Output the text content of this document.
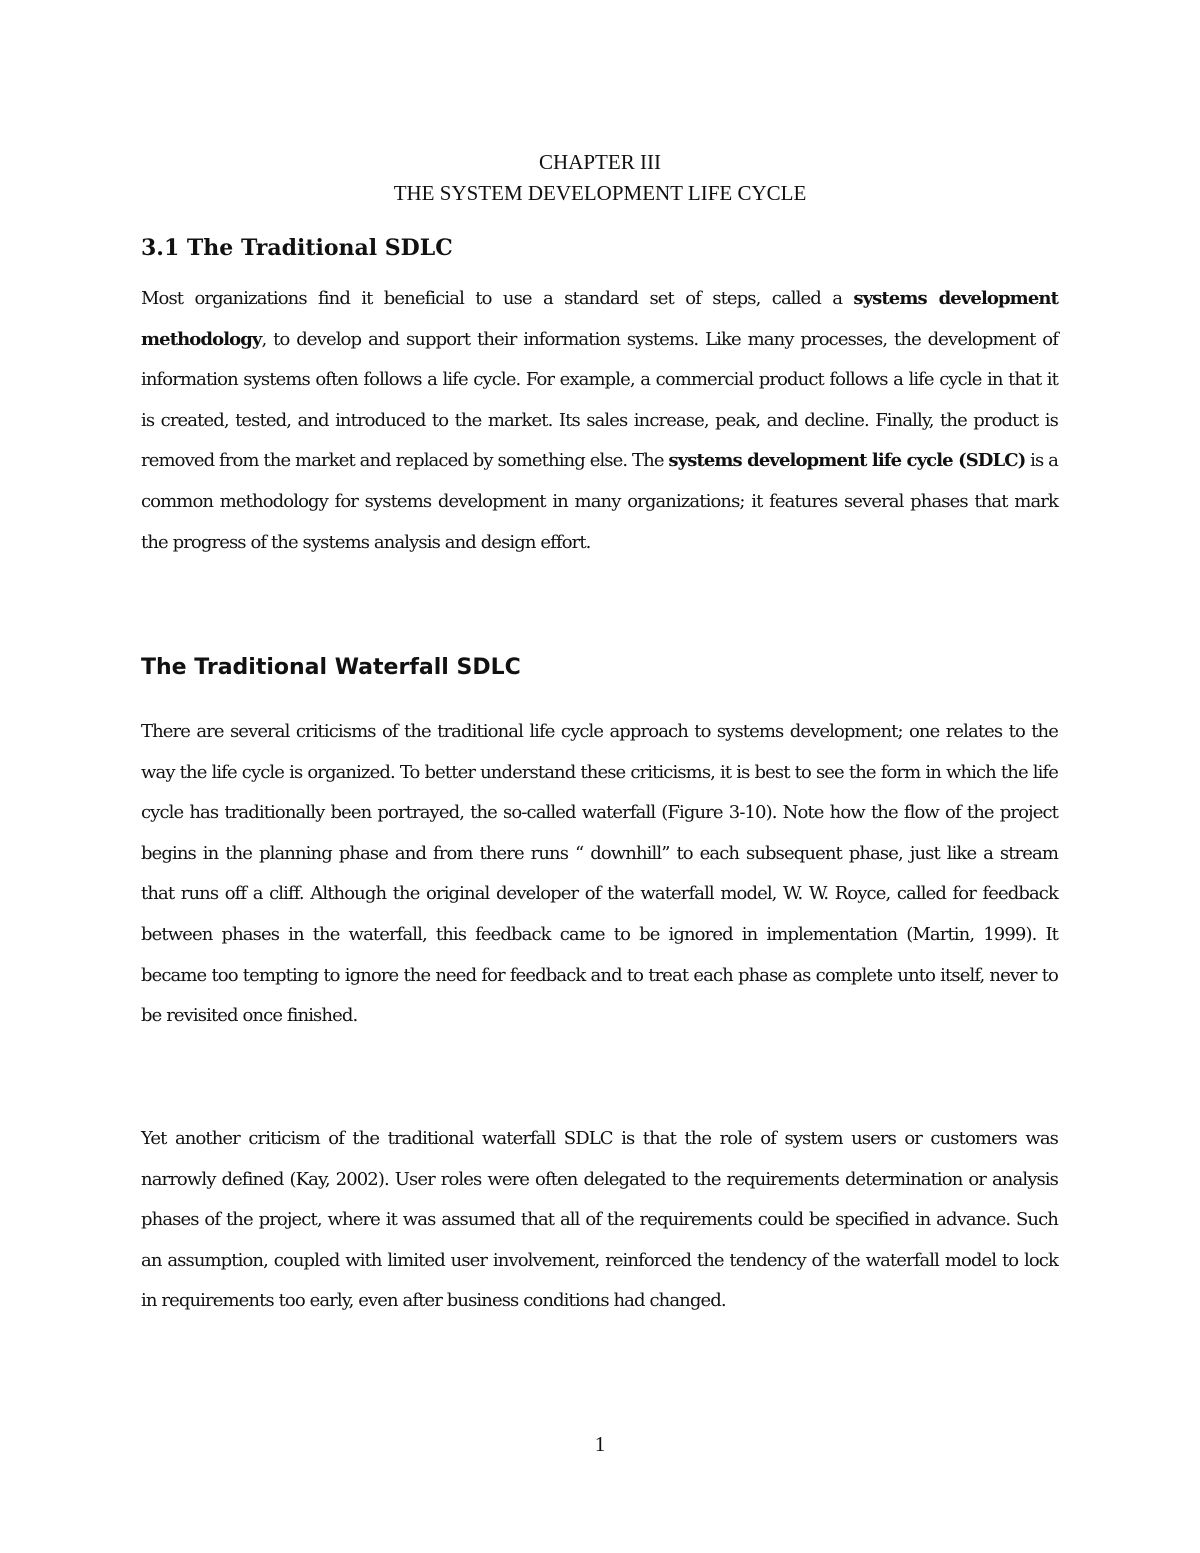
CHAPTER III
THE SYSTEM DEVELOPMENT LIFE CYCLE
3.1 The Traditional SDLC

Most organizations find it beneficial to use a standard set of steps, called a systems development methodology, to develop and support their information systems. Like many processes, the development of information systems often follows a life cycle. For example, a commercial product follows a life cycle in that it is created, tested, and introduced to the market. Its sales increase, peak, and decline. Finally, the product is removed from the market and replaced by something else. The systems development life cycle (SDLC) is a common methodology for systems development in many organizations; it features several phases that mark the progress of the systems analysis and design effort.

The Traditional Waterfall SDLC

There are several criticisms of the traditional life cycle approach to systems development; one relates to the way the life cycle is organized. To better understand these criticisms, it is best to see the form in which the life cycle has traditionally been portrayed, the so-called waterfall (Figure 3-10). Note how the flow of the project begins in the planning phase and from there runs “ downhill” to each subsequent phase, just like a stream that runs off a cliff. Although the original developer of the waterfall model, W. W. Royce, called for feedback between phases in the waterfall, this feedback came to be ignored in implementation (Martin, 1999). It became too tempting to ignore the need for feedback and to treat each phase as complete unto itself, never to be revisited once finished.

Yet another criticism of the traditional waterfall SDLC is that the role of system users or customers was narrowly defined (Kay, 2002). User roles were often delegated to the requirements determination or analysis phases of the project, where it was assumed that all of the requirements could be specified in advance. Such an assumption, coupled with limited user involvement, reinforced the tendency of the waterfall model to lock in requirements too early, even after business conditions had changed.

1
